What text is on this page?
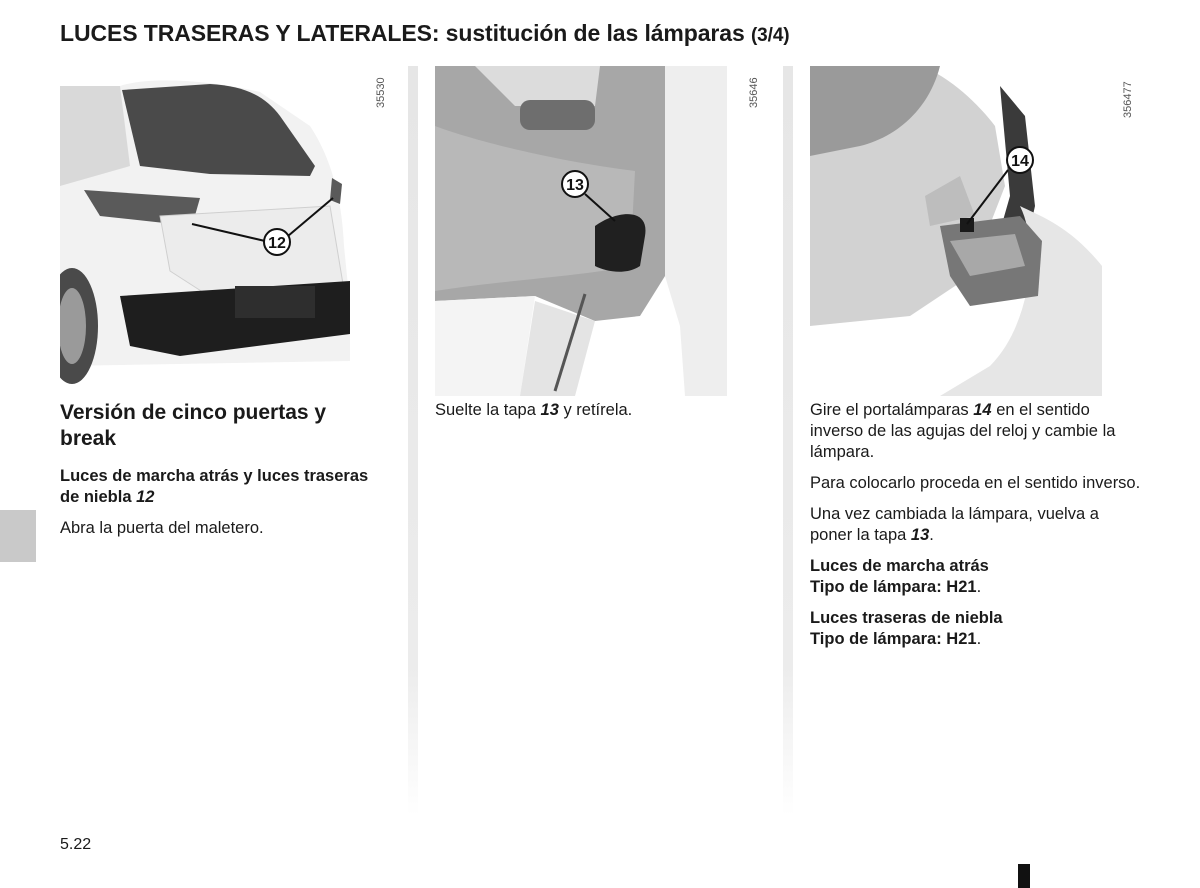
LUCES TRASERAS Y LATERALES: sustitución de las lámparas (3/4)
12
35530
13
35646
14
356477

Versión de cinco puertas y break

Luces de marcha atrás y luces traseras de niebla 12

Abra la puerta del maletero.

Suelte la tapa 13 y retírela.	Gire el portalámparas 14 en el sentido inverso de las agujas del reloj y cambie la lámpara.

Para colocarlo proceda en el sentido inverso.

Una vez cambiada la lámpara, vuelva a poner la tapa 13.

Luces de marcha atrás
Tipo de lámpara: H21.

Luces traseras de niebla
Tipo de lámpara: H21.

5.22
